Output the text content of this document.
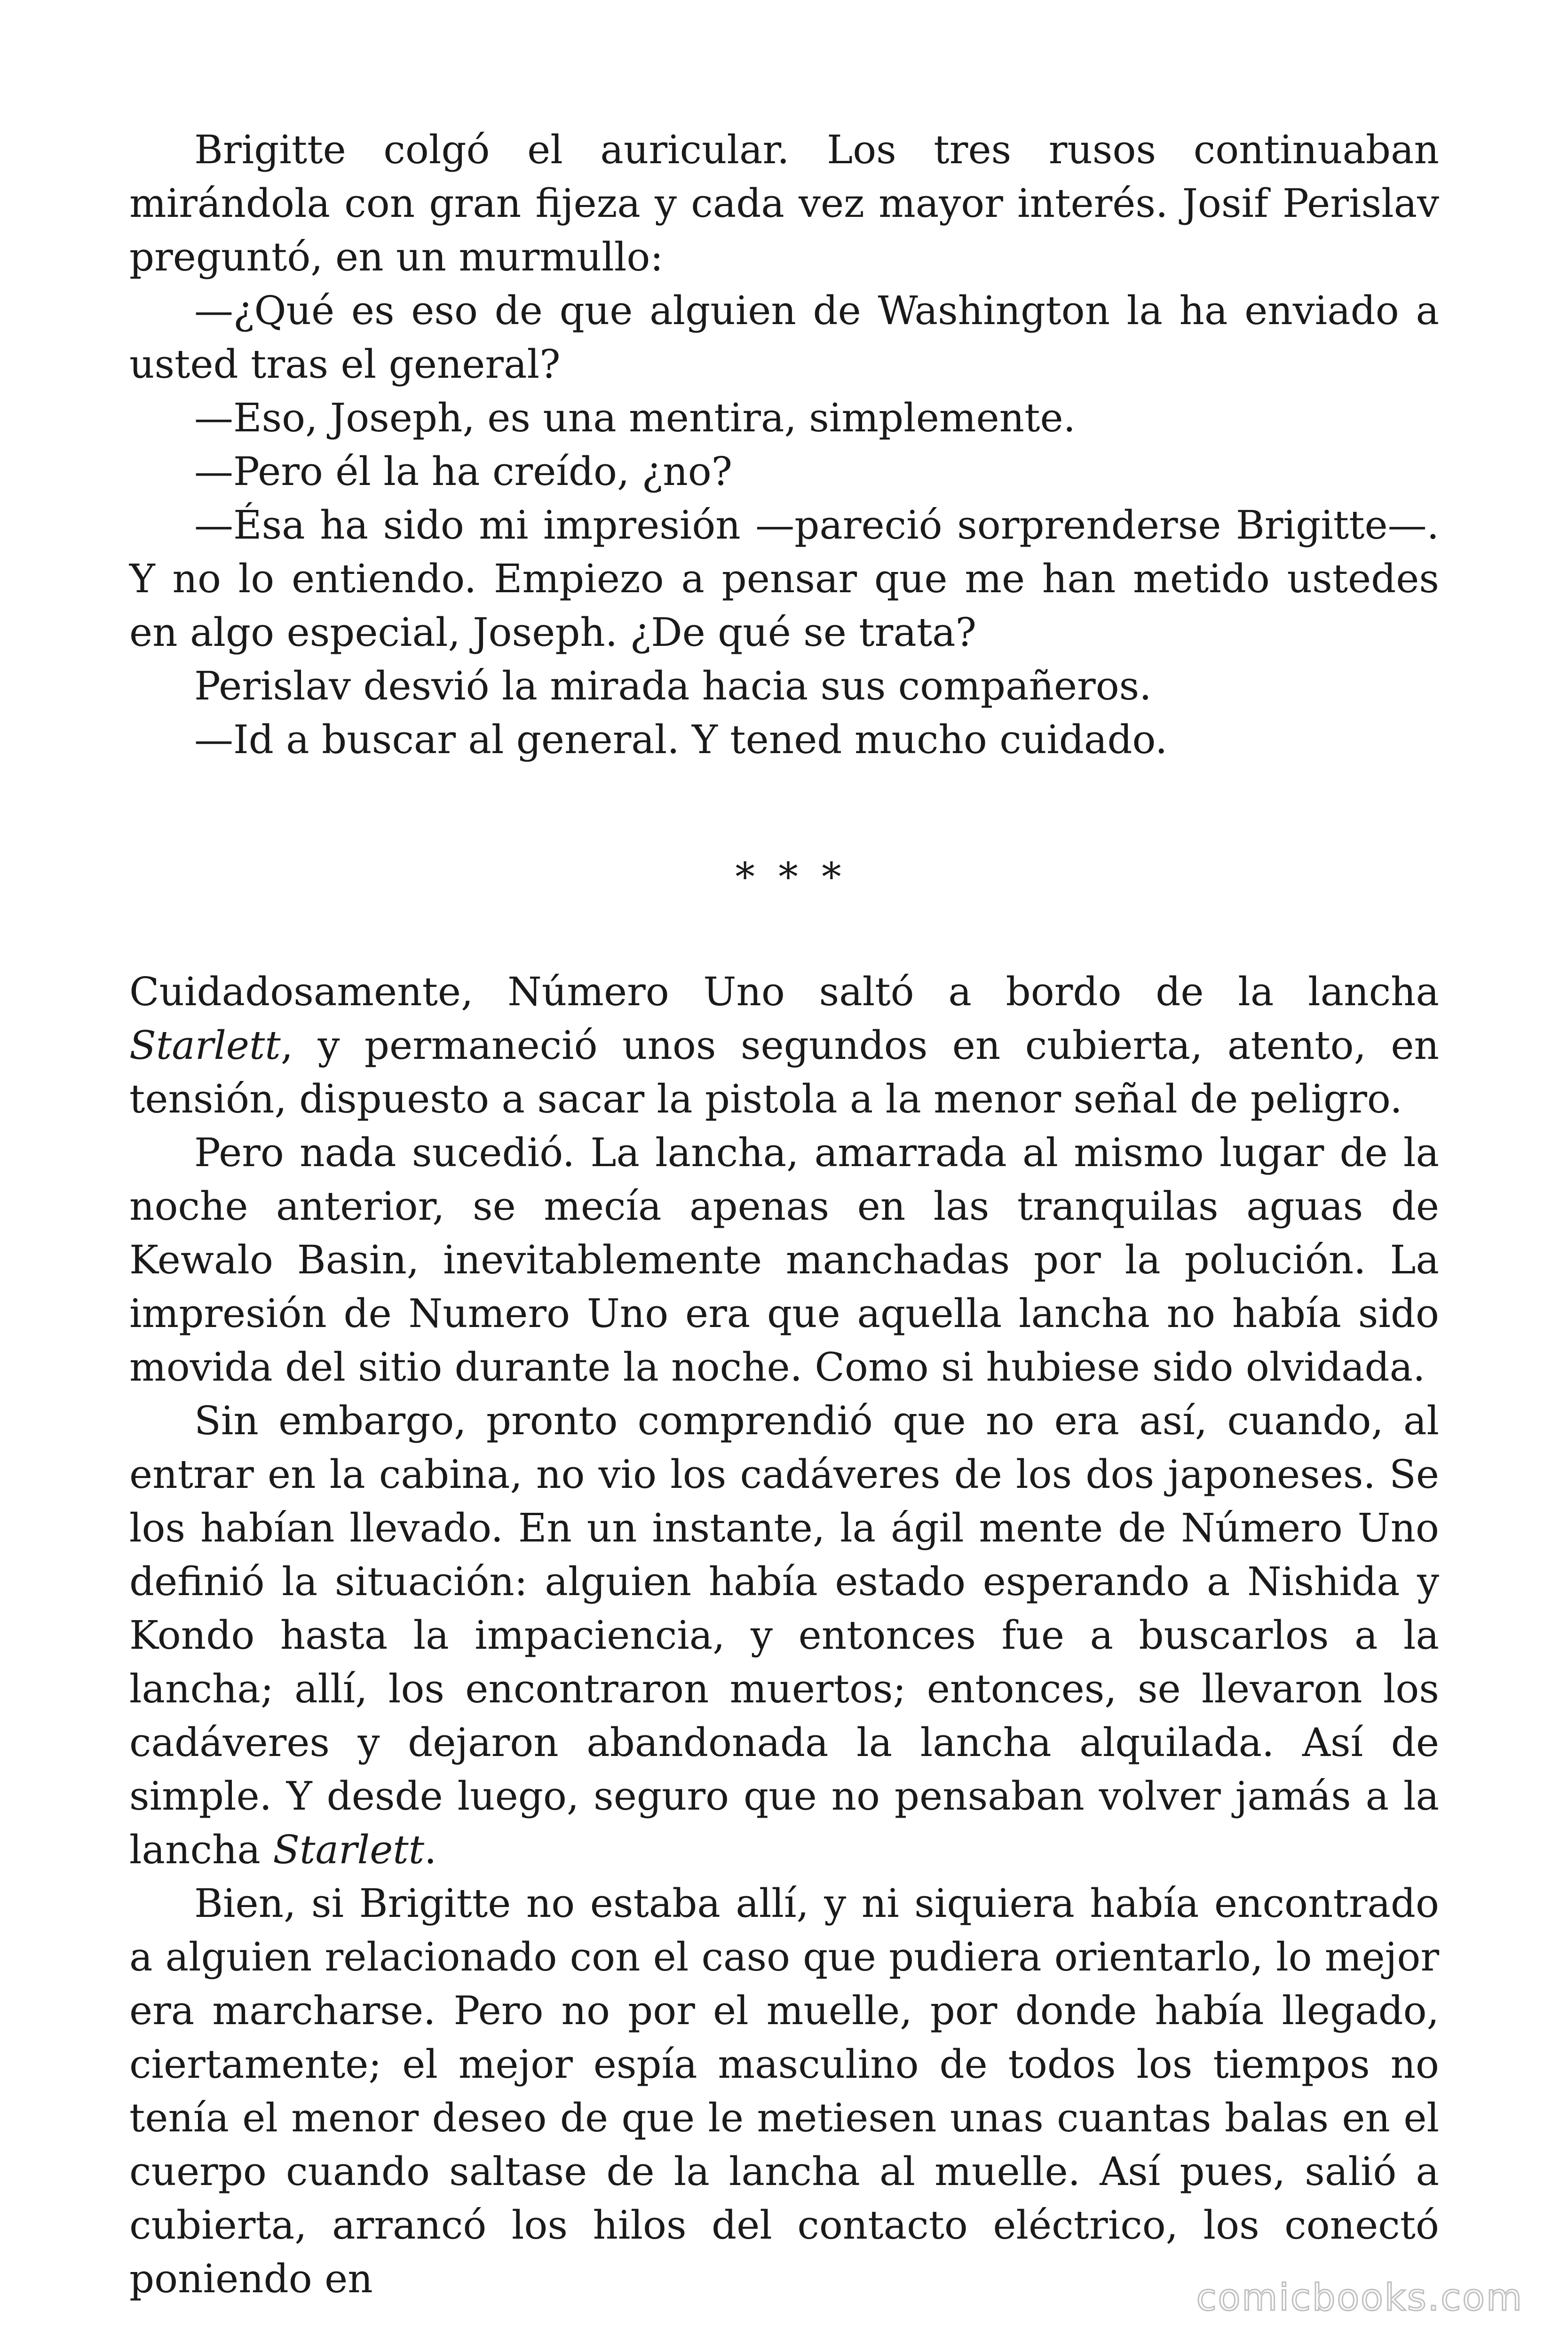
Brigitte colgó el auricular. Los tres rusos continuaban mirándola con gran fijeza y cada vez mayor interés. Josif Perislav preguntó, en un murmullo:

—¿Qué es eso de que alguien de Washington la ha enviado a usted tras el general?

—Eso, Joseph, es una mentira, simplemente.

—Pero él la ha creído, ¿no?

—Ésa ha sido mi impresión —pareció sorprenderse Brigitte—. Y no lo entiendo. Empiezo a pensar que me han metido ustedes en algo especial, Joseph. ¿De qué se trata?

Perislav desvió la mirada hacia sus compañeros.

—Id a buscar al general. Y tened mucho cuidado.

* * *

Cuidadosamente, Número Uno saltó a bordo de la lancha Starlett, y permaneció unos segundos en cubierta, atento, en tensión, dispuesto a sacar la pistola a la menor señal de peligro.

Pero nada sucedió. La lancha, amarrada al mismo lugar de la noche anterior, se mecía apenas en las tranquilas aguas de Kewalo Basin, inevitablemente manchadas por la polución. La impresión de Numero Uno era que aquella lancha no había sido movida del sitio durante la noche. Como si hubiese sido olvidada.

Sin embargo, pronto comprendió que no era así, cuando, al entrar en la cabina, no vio los cadáveres de los dos japoneses. Se los habían llevado. En un instante, la ágil mente de Número Uno definió la situación: alguien había estado esperando a Nishida y Kondo hasta la impaciencia, y entonces fue a buscarlos a la lancha; allí, los encontraron muertos; entonces, se llevaron los cadáveres y dejaron abandonada la lancha alquilada. Así de simple. Y desde luego, seguro que no pensaban volver jamás a la lancha Starlett.

Bien, si Brigitte no estaba allí, y ni siquiera había encontrado a alguien relacionado con el caso que pudiera orientarlo, lo mejor era marcharse. Pero no por el muelle, por donde había llegado, ciertamente; el mejor espía masculino de todos los tiempos no tenía el menor deseo de que le metiesen unas cuantas balas en el cuerpo cuando saltase de la lancha al muelle. Así pues, salió a cubierta, arrancó los hilos del contacto eléctrico, los conectó poniendo en	comicbooks.com
